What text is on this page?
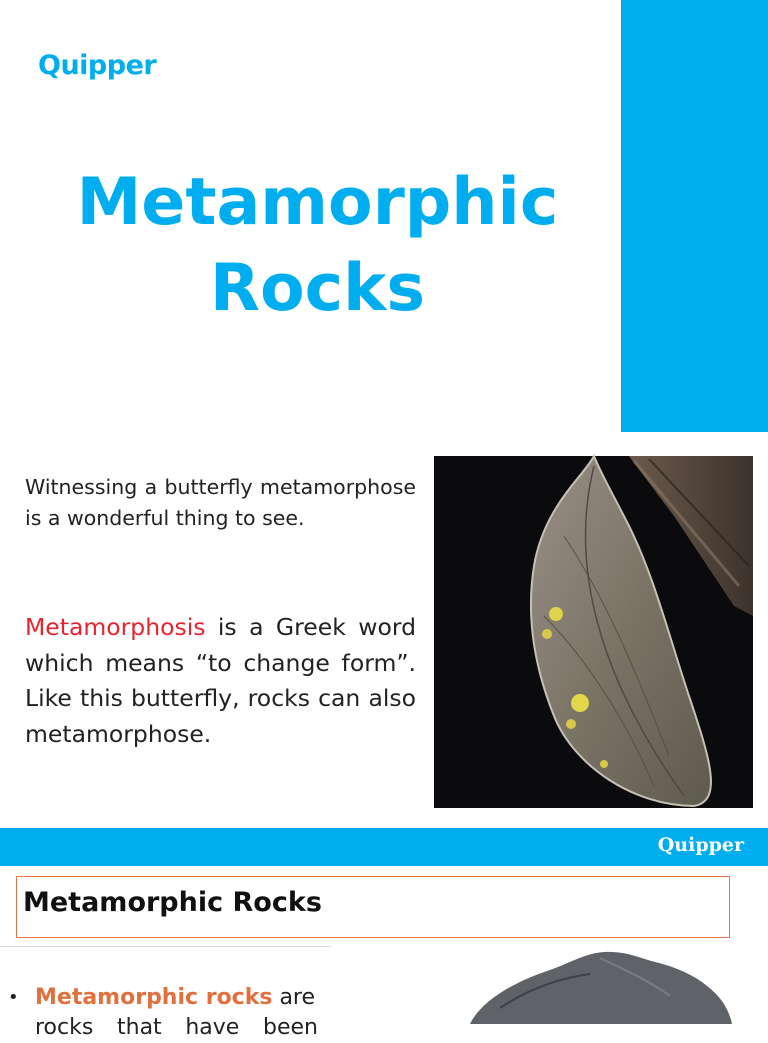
Quipper
Metamorphic
Rocks
Witnessing a butterfly metamorphose is a wonderful thing to see.
Metamorphosis is a Greek word which means “to change form”. Like this butterfly, rocks can also metamorphose.
Quipper
Metamorphic Rocks
• Metamorphic rocks are
rocks that have been
